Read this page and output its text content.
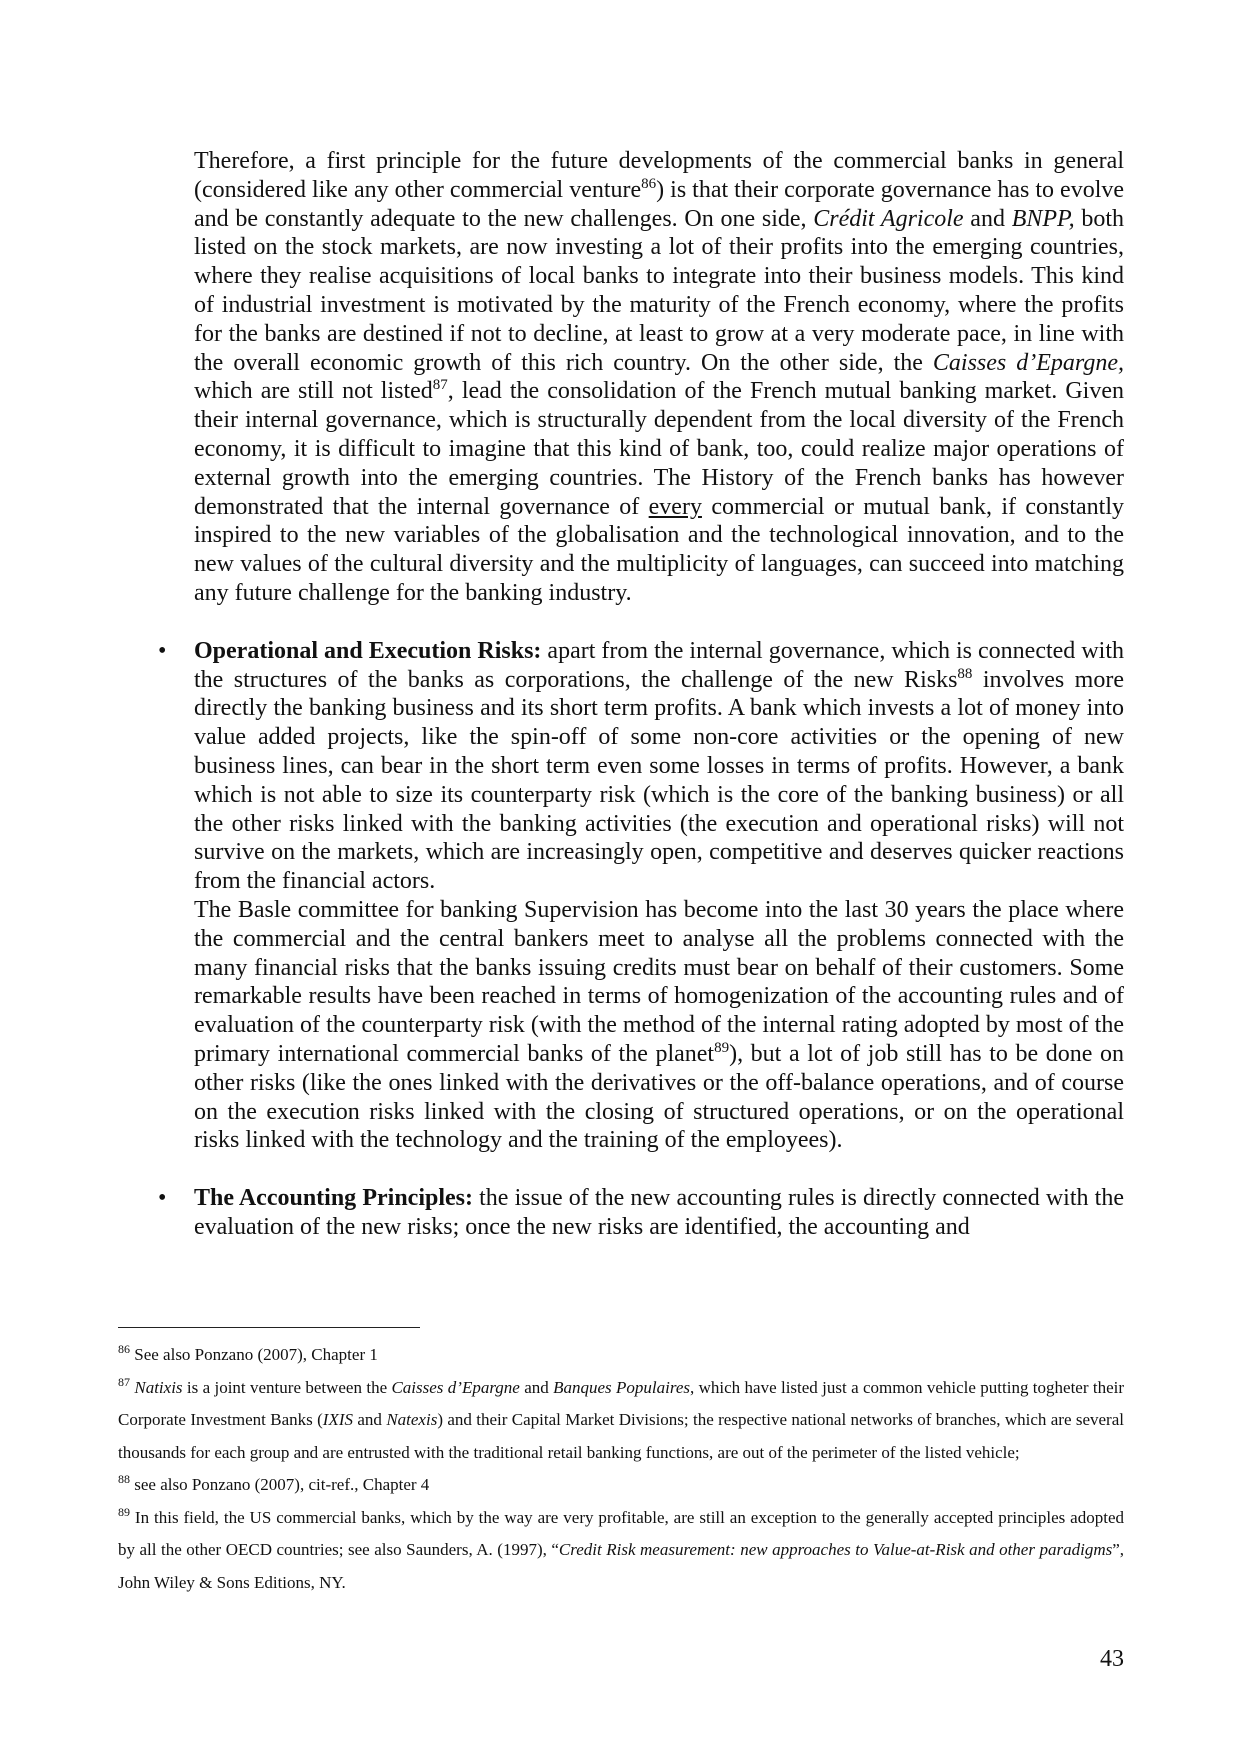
Therefore, a first principle for the future developments of the commercial banks in general (considered like any other commercial venture$^{86}$) is that their corporate governance has to evolve and be constantly adequate to the new challenges. On one side, Crédit Agricole and BNPP, both listed on the stock markets, are now investing a lot of their profits into the emerging countries, where they realise acquisitions of local banks to integrate into their business models. This kind of industrial investment is motivated by the maturity of the French economy, where the profits for the banks are destined if not to decline, at least to grow at a very moderate pace, in line with the overall economic growth of this rich country. On the other side, the Caisses d’Epargne, which are still not listed$^{87}$, lead the consolidation of the French mutual banking market. Given their internal governance, which is structurally dependent from the local diversity of the French economy, it is difficult to imagine that this kind of bank, too, could realize major operations of external growth into the emerging countries. The History of the French banks has however demonstrated that the internal governance of every commercial or mutual bank, if constantly inspired to the new variables of the globalisation and the technological innovation, and to the new values of the cultural diversity and the multiplicity of languages, can succeed into matching any future challenge for the banking industry.

• Operational and Execution Risks: apart from the internal governance, which is connected with the structures of the banks as corporations, the challenge of the new Risks$^{88}$ involves more directly the banking business and its short term profits. A bank which invests a lot of money into value added projects, like the spin-off of some non-core activities or the opening of new business lines, can bear in the short term even some losses in terms of profits. However, a bank which is not able to size its counterparty risk (which is the core of the banking business) or all the other risks linked with the banking activities (the execution and operational risks) will not survive on the markets, which are increasingly open, competitive and deserves quicker reactions from the financial actors.

The Basle committee for banking Supervision has become into the last 30 years the place where the commercial and the central bankers meet to analyse all the problems connected with the many financial risks that the banks issuing credits must bear on behalf of their customers. Some remarkable results have been reached in terms of homogenization of the accounting rules and of evaluation of the counterparty risk (with the method of the internal rating adopted by most of the primary international commercial banks of the planet$^{89}$), but a lot of job still has to be done on other risks (like the ones linked with the derivatives or the off-balance operations, and of course on the execution risks linked with the closing of structured operations, or on the operational risks linked with the technology and the training of the employees).

• The Accounting Principles: the issue of the new accounting rules is directly connected with the evaluation of the new risks; once the new risks are identified, the accounting and

$^{86}$ See also Ponzano (2007), Chapter 1

$^{87}$ Natixis is a joint venture between the Caisses d’Epargne and Banques Populaires, which have listed just a common vehicle putting togheter their Corporate Investment Banks (IXIS and Natexis) and their Capital Market Divisions; the respective national networks of branches, which are several thousands for each group and are entrusted with the traditional retail banking functions, are out of the perimeter of the listed vehicle;

$^{88}$ see also Ponzano (2007), cit-ref., Chapter 4

$^{89}$ In this field, the US commercial banks, which by the way are very profitable, are still an exception to the generally accepted principles adopted by all the other OECD countries; see also Saunders, A. (1997), “Credit Risk measurement: new approaches to Value-at-Risk and other paradigms”, John Wiley & Sons Editions, NY.

43
